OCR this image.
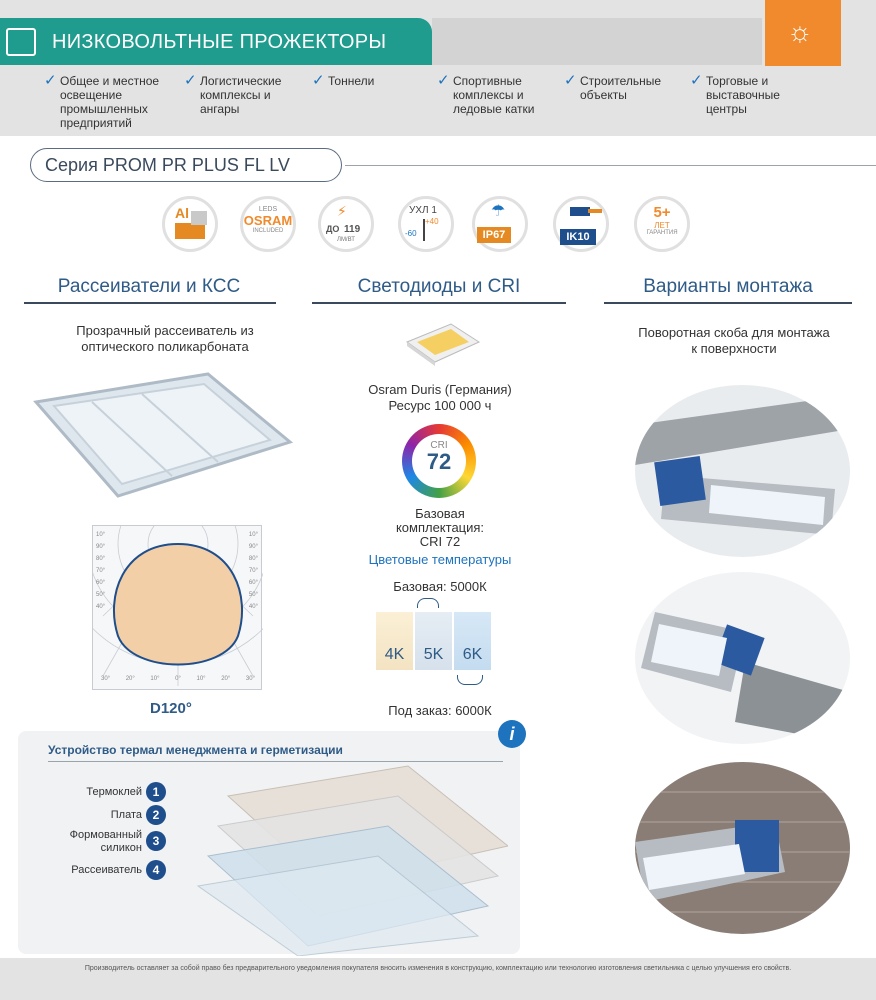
НИЗКОВОЛЬТНЫЕ ПРОЖЕКТОРЫ	☼
✓ Общее и местное освещение промышленных предприятий
✓ Логистические комплексы и ангары
✓ Тоннели	✓ Спортивные комплексы и ледовые катки
✓ Строительные объекты
✓ Торговые и выставочные центры
Серия PROM PR PLUS FL LV
Al	LEDS
OSRAM
INCLUDED
⚡
ДО 119
ЛМ/ВТ
УХЛ 1
+40
-60
☂
IP67	IK10
5+
ЛЕТ
ГАРАНТИЯ
Рассеиватели и КСС	Светодиоды и CRI	Варианты монтажа
Прозрачный рассеиватель из оптического поликарбоната
10°
90°
80°
70°
60°
50°
40°
10°
90°
80°
70°
60°
50°
40°
30°	20°	10°	0°	10°	20°	30°
D120°
Osram Duris (Германия)
Ресурс 100 000 ч
CRI
72
Базовая
комплектация:
CRI 72
Цветовые температуры
Базовая: 5000К
4K	5K	6K
Под заказ: 6000К
Поворотная скоба для монтажа к поверхности
Устройство термал менеджмента и герметизации
Термоклей 1
Плата 2
Формованный силикон 3
Рассеиватель 4
i
Производитель оставляет за собой право без предварительного уведомления покупателя вносить изменения в конструкцию, комплектацию или технологию изготовления светильника с целью улучшения его свойств.
